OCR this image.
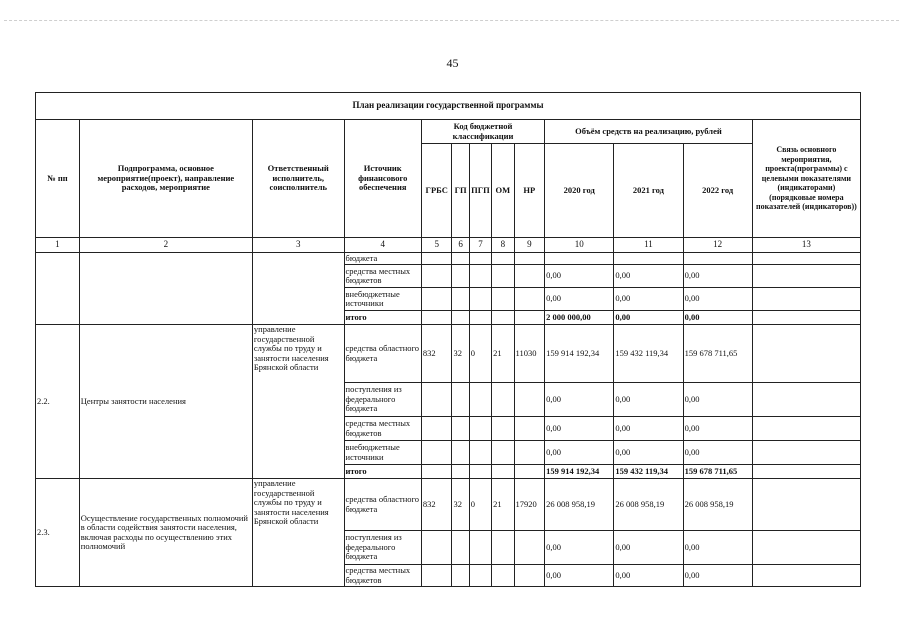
45
План реализации государственной программы												
№ пп	Подпрограмма, основное мероприятие(проект), направление расходов, мероприятие	Ответственный исполнитель, соисполнитель	Источник финансового обеспечения	Код бюджетной классификации					Объём средств на реализацию, рублей			Связь основного мероприятия, проекта(программы) с целевыми показателями (индикаторами) (порядковые номера показателей (индикаторов))
				ГРБС	ГП	ПГП	ОМ	НР	2020 год	2021 год	2022 год	
1	2	3	4	5	6	7	8	9	10	11	12	13
			бюджета									
			средства местных бюджетов						0,00	0,00	0,00	
			внебюджетные источники						0,00	0,00	0,00	
			итого						2 000 000,00	0,00	0,00	
2.2.	Центры занятости населения	управление государственной службы по труду и занятости населения Брянской области	средства областного бюджета	832	32	0	21	11030	159 914 192,34	159 432 119,34	159 678 711,65	
			поступления из федерального бюджета						0,00	0,00	0,00	
			средства местных бюджетов						0,00	0,00	0,00	
			внебюджетные источники						0,00	0,00	0,00	
			итого						159 914 192,34	159 432 119,34	159 678 711,65	
2.3.	Осуществление государственных полномочий в области содействия занятости населения, включая расходы по осуществлению этих полномочий	управление государственной службы по труду и занятости населения Брянской области	средства областного бюджета	832	32	0	21	17920	26 008 958,19	26 008 958,19	26 008 958,19	
			поступления из федерального бюджета						0,00	0,00	0,00	
			средства местных бюджетов						0,00	0,00	0,00	
